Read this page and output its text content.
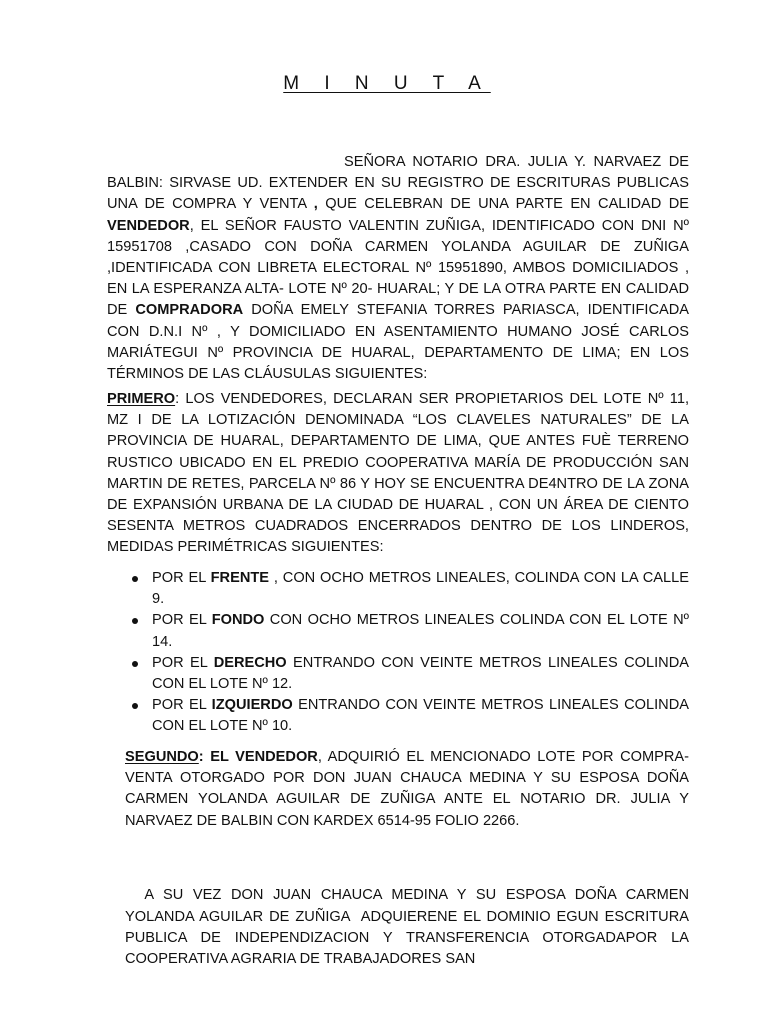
M I N U T A

SEÑORA NOTARIO DRA. JULIA Y. NARVAEZ DE BALBIN: SIRVASE UD. EXTENDER EN SU REGISTRO DE ESCRITURAS PUBLICAS UNA DE COMPRA Y VENTA , QUE CELEBRAN DE UNA PARTE EN CALIDAD DE VENDEDOR, EL SEÑOR FAUSTO VALENTIN ZUÑIGA, IDENTIFICADO CON DNI Nº 15951708 ,CASADO CON DOÑA CARMEN YOLANDA AGUILAR DE ZUÑIGA ,IDENTIFICADA CON LIBRETA ELECTORAL Nº 15951890, AMBOS DOMICILIADOS , EN LA ESPERANZA ALTA- LOTE Nº 20- HUARAL; Y DE LA OTRA PARTE EN CALIDAD DE COMPRADORA DOÑA EMELY STEFANIA TORRES PARIASCA, IDENTIFICADA CON D.N.I Nº , Y DOMICILIADO EN ASENTAMIENTO HUMANO JOSÉ CARLOS MARIÁTEGUI Nº PROVINCIA DE HUARAL, DEPARTAMENTO DE LIMA; EN LOS TÉRMINOS DE LAS CLÁUSULAS SIGUIENTES:

PRIMERO: LOS VENDEDORES, DECLARAN SER PROPIETARIOS DEL LOTE Nº 11, MZ I DE LA LOTIZACIÓN DENOMINADA “LOS CLAVELES NATURALES” DE LA PROVINCIA DE HUARAL, DEPARTAMENTO DE LIMA, QUE ANTES FUÈ TERRENO RUSTICO UBICADO EN EL PREDIO COOPERATIVA MARÍA DE PRODUCCIÓN SAN MARTIN DE RETES, PARCELA Nº 86 Y HOY SE ENCUENTRA DE4NTRO DE LA ZONA DE EXPANSIÓN URBANA DE LA CIUDAD DE HUARAL , CON UN ÁREA DE CIENTO SESENTA METROS CUADRADOS ENCERRADOS DENTRO DE LOS LINDEROS, MEDIDAS PERIMÉTRICAS SIGUIENTES:

POR EL FRENTE , CON OCHO METROS LINEALES, COLINDA CON LA CALLE 9.
POR EL FONDO CON OCHO METROS LINEALES COLINDA CON EL LOTE Nº 14.
POR EL DERECHO ENTRANDO CON VEINTE METROS LINEALES COLINDA CON EL LOTE Nº 12.
POR EL IZQUIERDO ENTRANDO CON VEINTE METROS LINEALES COLINDA CON EL LOTE Nº 10.

SEGUNDO: EL VENDEDOR, ADQUIRIÓ EL MENCIONADO LOTE POR COMPRA-VENTA OTORGADO POR DON JUAN CHAUCA MEDINA Y SU ESPOSA DOÑA CARMEN YOLANDA AGUILAR DE ZUÑIGA ANTE EL NOTARIO DR. JULIA Y NARVAEZ DE BALBIN CON KARDEX 6514-95 FOLIO 2266.

A SU VEZ DON JUAN CHAUCA MEDINA Y SU ESPOSA DOÑA CARMEN YOLANDA AGUILAR DE ZUÑIGA  ADQUIERENE EL DOMINIO EGUN ESCRITURA PUBLICA DE INDEPENDIZACION Y TRANSFERENCIA OTORGADAPOR LA COOPERATIVA AGRARIA DE TRABAJADORES SAN
